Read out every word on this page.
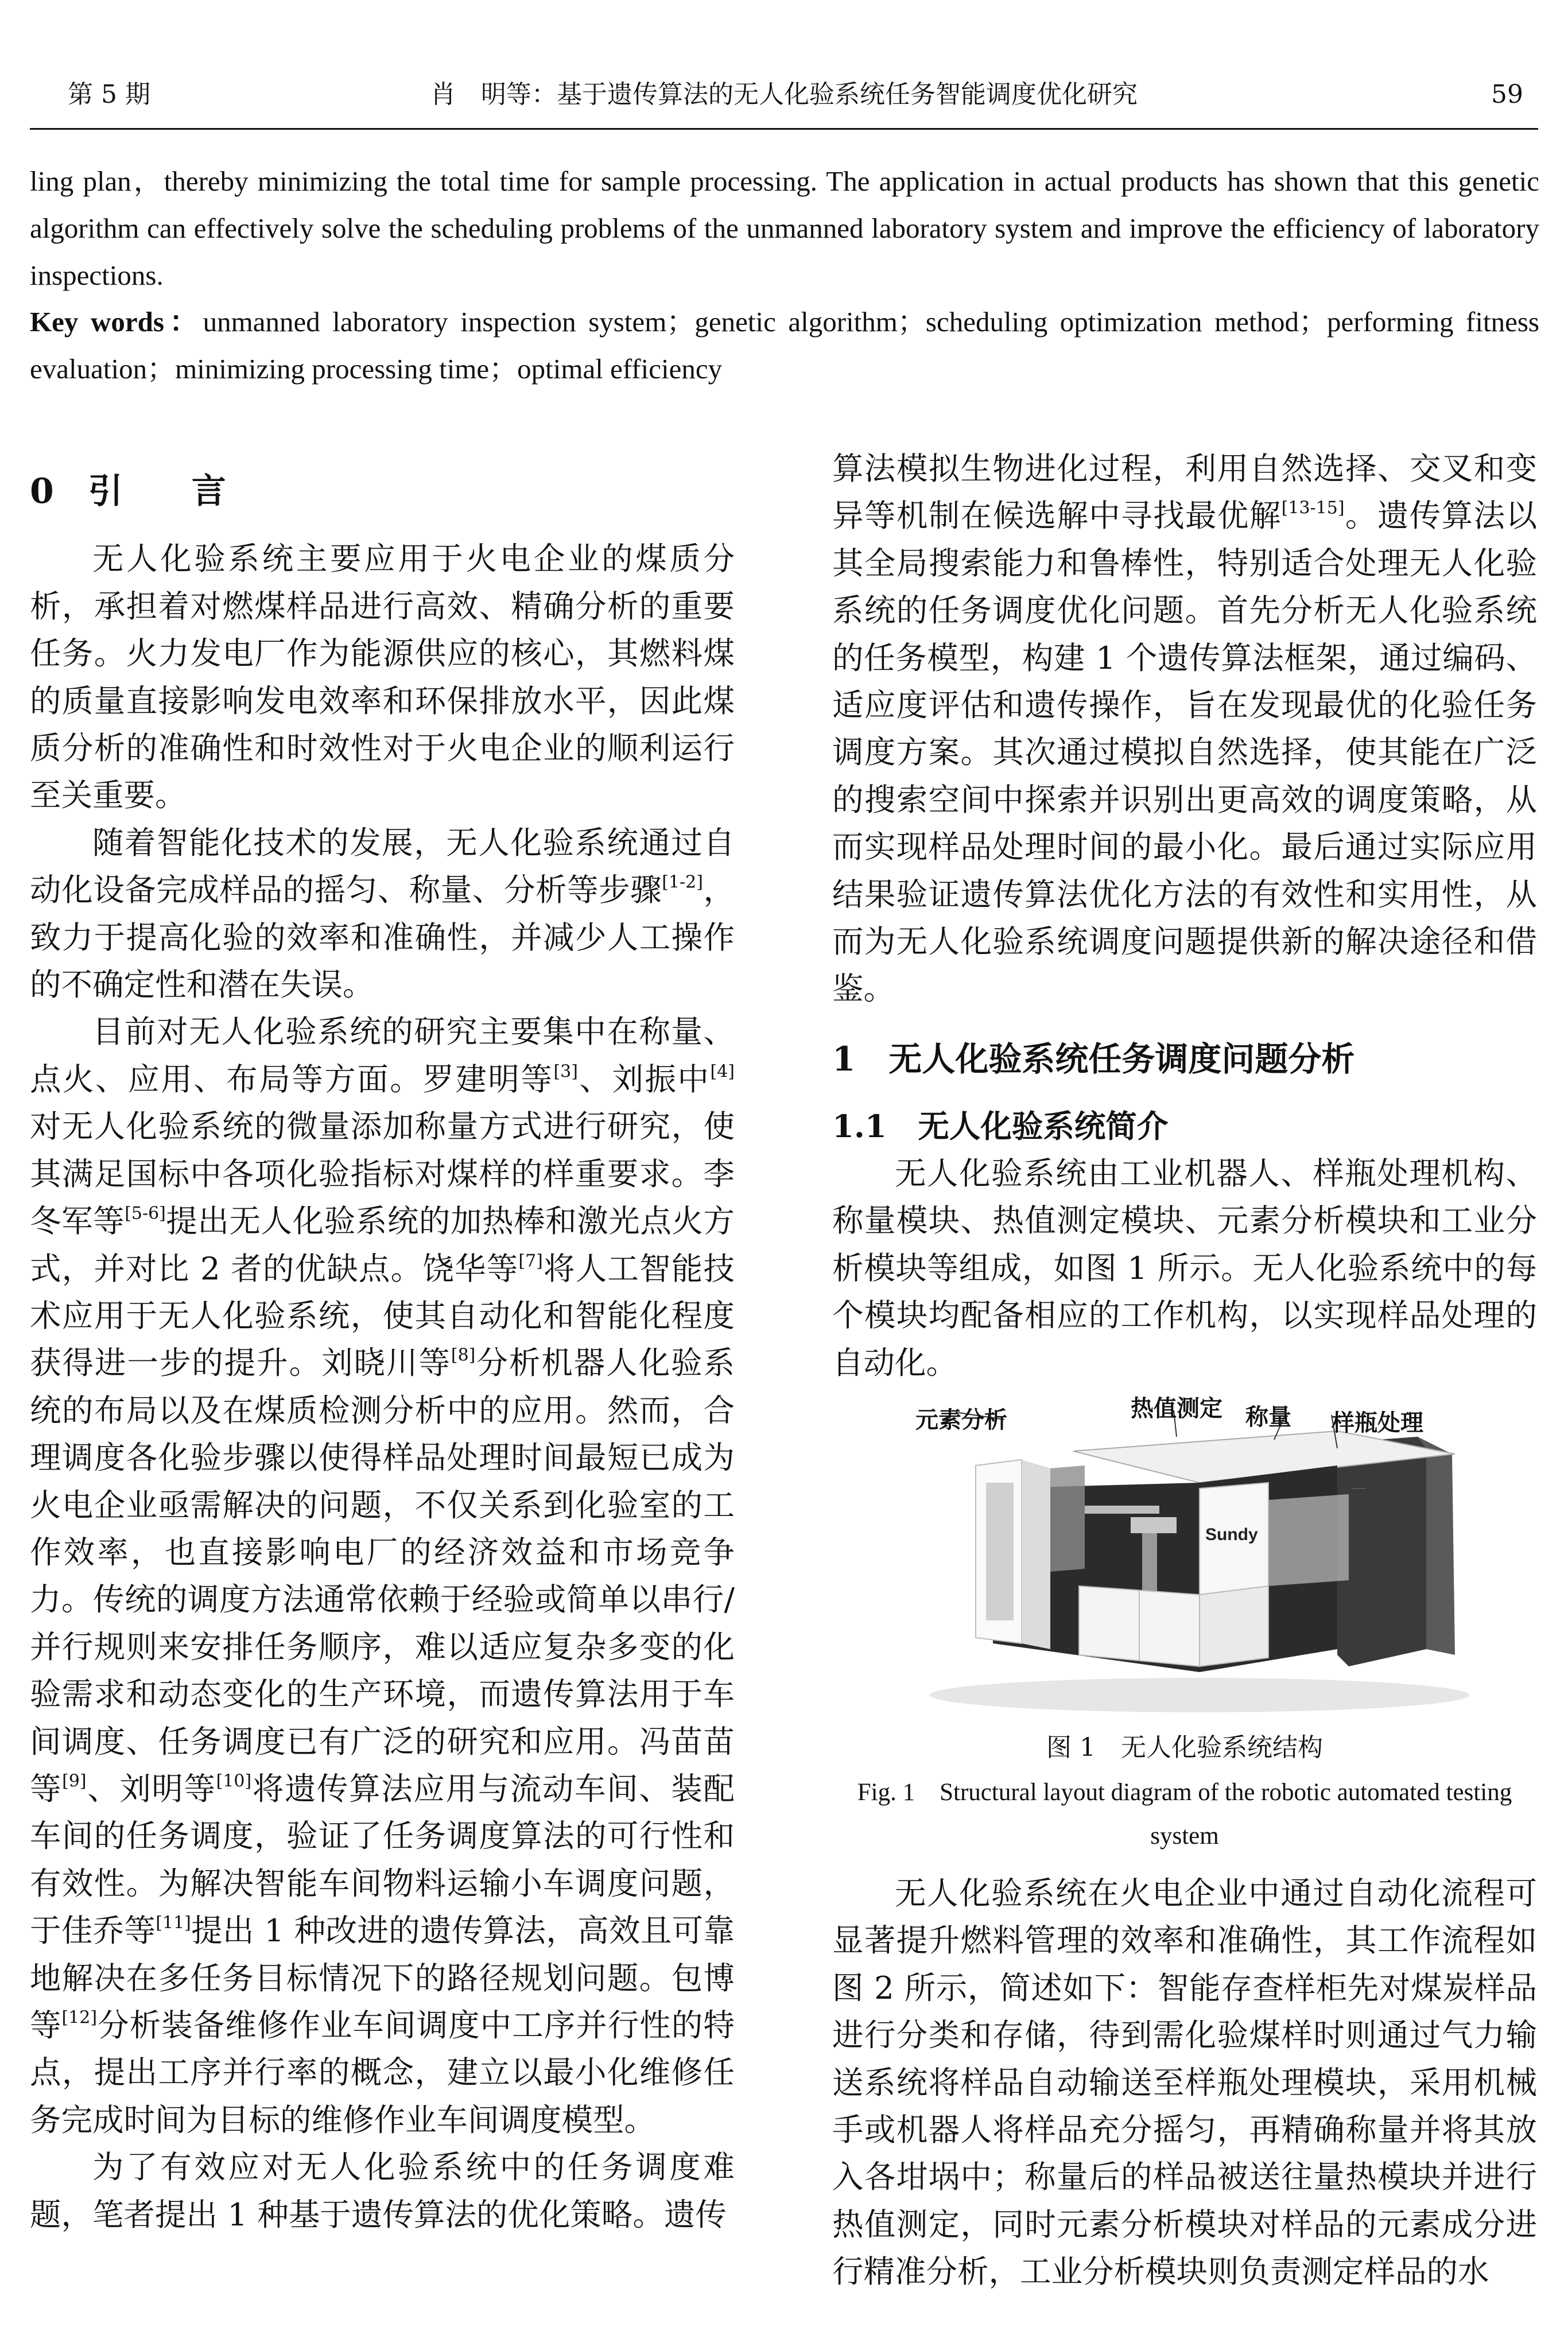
第 5 期	肖　明等：基于遗传算法的无人化验系统任务智能调度优化研究	59
ling plan，thereby minimizing the total time for sample processing. The application in actual products has shown that this genetic algorithm can effectively solve the scheduling problems of the unmanned laboratory system and improve the efficiency of laboratory inspections.
Key words：unmanned laboratory inspection system；genetic algorithm；scheduling optimization method；performing fitness evaluation；minimizing processing time；optimal efficiency
0　引　　言

无人化验系统主要应用于火电企业的煤质分析，承担着对燃煤样品进行高效、精确分析的重要任务。火力发电厂作为能源供应的核心，其燃料煤的质量直接影响发电效率和环保排放水平，因此煤质分析的准确性和时效性对于火电企业的顺利运行至关重要。

随着智能化技术的发展，无人化验系统通过自动化设备完成样品的摇匀、称量、分析等步骤[1-2]，致力于提高化验的效率和准确性，并减少人工操作的不确定性和潜在失误。

目前对无人化验系统的研究主要集中在称量、点火、应用、布局等方面。罗建明等[3]、刘振中[4]对无人化验系统的微量添加称量方式进行研究，使其满足国标中各项化验指标对煤样的样重要求。李冬军等[5-6]提出无人化验系统的加热棒和激光点火方式，并对比 2 者的优缺点。饶华等[7]将人工智能技术应用于无人化验系统，使其自动化和智能化程度获得进一步的提升。刘晓川等[8]分析机器人化验系统的布局以及在煤质检测分析中的应用。然而，合理调度各化验步骤以使得样品处理时间最短已成为火电企业亟需解决的问题，不仅关系到化验室的工作效率，也直接影响电厂的经济效益和市场竞争力。传统的调度方法通常依赖于经验或简单以串行/并行规则来安排任务顺序，难以适应复杂多变的化验需求和动态变化的生产环境，而遗传算法用于车间调度、任务调度已有广泛的研究和应用。冯苗苗等[9]、刘明等[10]将遗传算法应用与流动车间、装配车间的任务调度，验证了任务调度算法的可行性和有效性。为解决智能车间物料运输小车调度问题，于佳乔等[11]提出 1 种改进的遗传算法，高效且可靠地解决在多任务目标情况下的路径规划问题。包博等[12]分析装备维修作业车间调度中工序并行性的特点，提出工序并行率的概念，建立以最小化维修任务完成时间为目标的维修作业车间调度模型。

为了有效应对无人化验系统中的任务调度难题，笔者提出 1 种基于遗传算法的优化策略。遗传

算法模拟生物进化过程，利用自然选择、交叉和变异等机制在候选解中寻找最优解[13-15]。遗传算法以其全局搜索能力和鲁棒性，特别适合处理无人化验系统的任务调度优化问题。首先分析无人化验系统的任务模型，构建 1 个遗传算法框架，通过编码、适应度评估和遗传操作，旨在发现最优的化验任务调度方案。其次通过模拟自然选择，使其能在广泛的搜索空间中探索并识别出更高效的调度策略，从而实现样品处理时间的最小化。最后通过实际应用结果验证遗传算法优化方法的有效性和实用性，从而为无人化验系统调度问题提供新的解决途径和借鉴。

1　无人化验系统任务调度问题分析
1.1　无人化验系统简介

无人化验系统由工业机器人、样瓶处理机构、称量模块、热值测定模块、元素分析模块和工业分析模块等组成，如图 1 所示。无人化验系统中的每个模块均配备相应的工作机构，以实现样品处理的自动化。

Sundy
元素分析	热值测定 称量 样瓶处理
图 1　无人化验系统结构
Fig. 1　Structural layout diagram of the robotic automated testing system

无人化验系统在火电企业中通过自动化流程可显著提升燃料管理的效率和准确性，其工作流程如图 2 所示，简述如下：智能存查样柜先对煤炭样品进行分类和存储，待到需化验煤样时则通过气力输送系统将样品自动输送至样瓶处理模块，采用机械手或机器人将样品充分摇匀，再精确称量并将其放入各坩埚中；称量后的样品被送往量热模块并进行热值测定，同时元素分析模块对样品的元素成分进行精准分析，工业分析模块则负责测定样品的水
